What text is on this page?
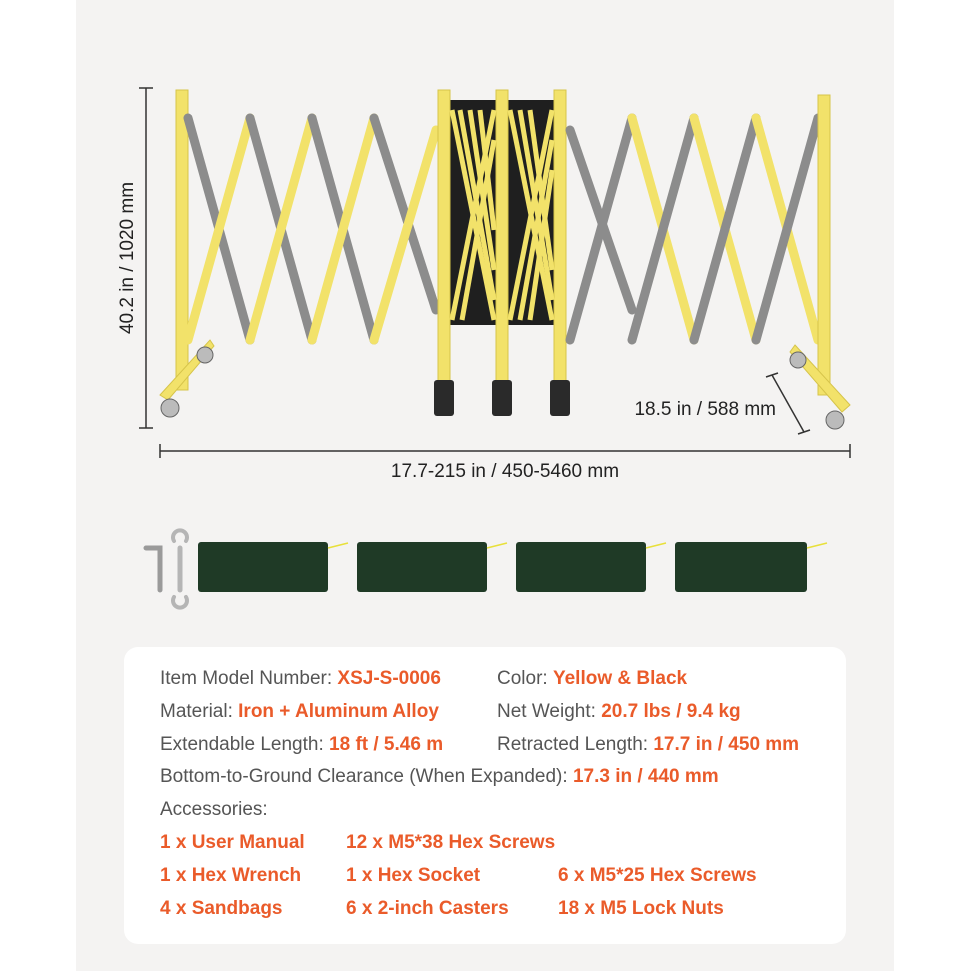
40.2 in / 1020 mm
18.5 in / 588 mm
17.7-215 in / 450-5460 mm
Item Model Number: XSJ-S-0006	Color: Yellow & Black
Material: Iron + Aluminum Alloy	Net Weight: 20.7 lbs / 9.4 kg
Extendable Length: 18 ft / 5.46 m	Retracted Length: 17.7 in / 450 mm
Bottom-to-Ground Clearance (When Expanded): 17.3 in / 440 mm
Accessories:
1 x User Manual 12 x M5*38 Hex Screws
1 x Hex Wrench 1 x Hex Socket	6 x M5*25 Hex Screws
4 x Sandbags	6 x 2-inch Casters	18 x M5 Lock Nuts
